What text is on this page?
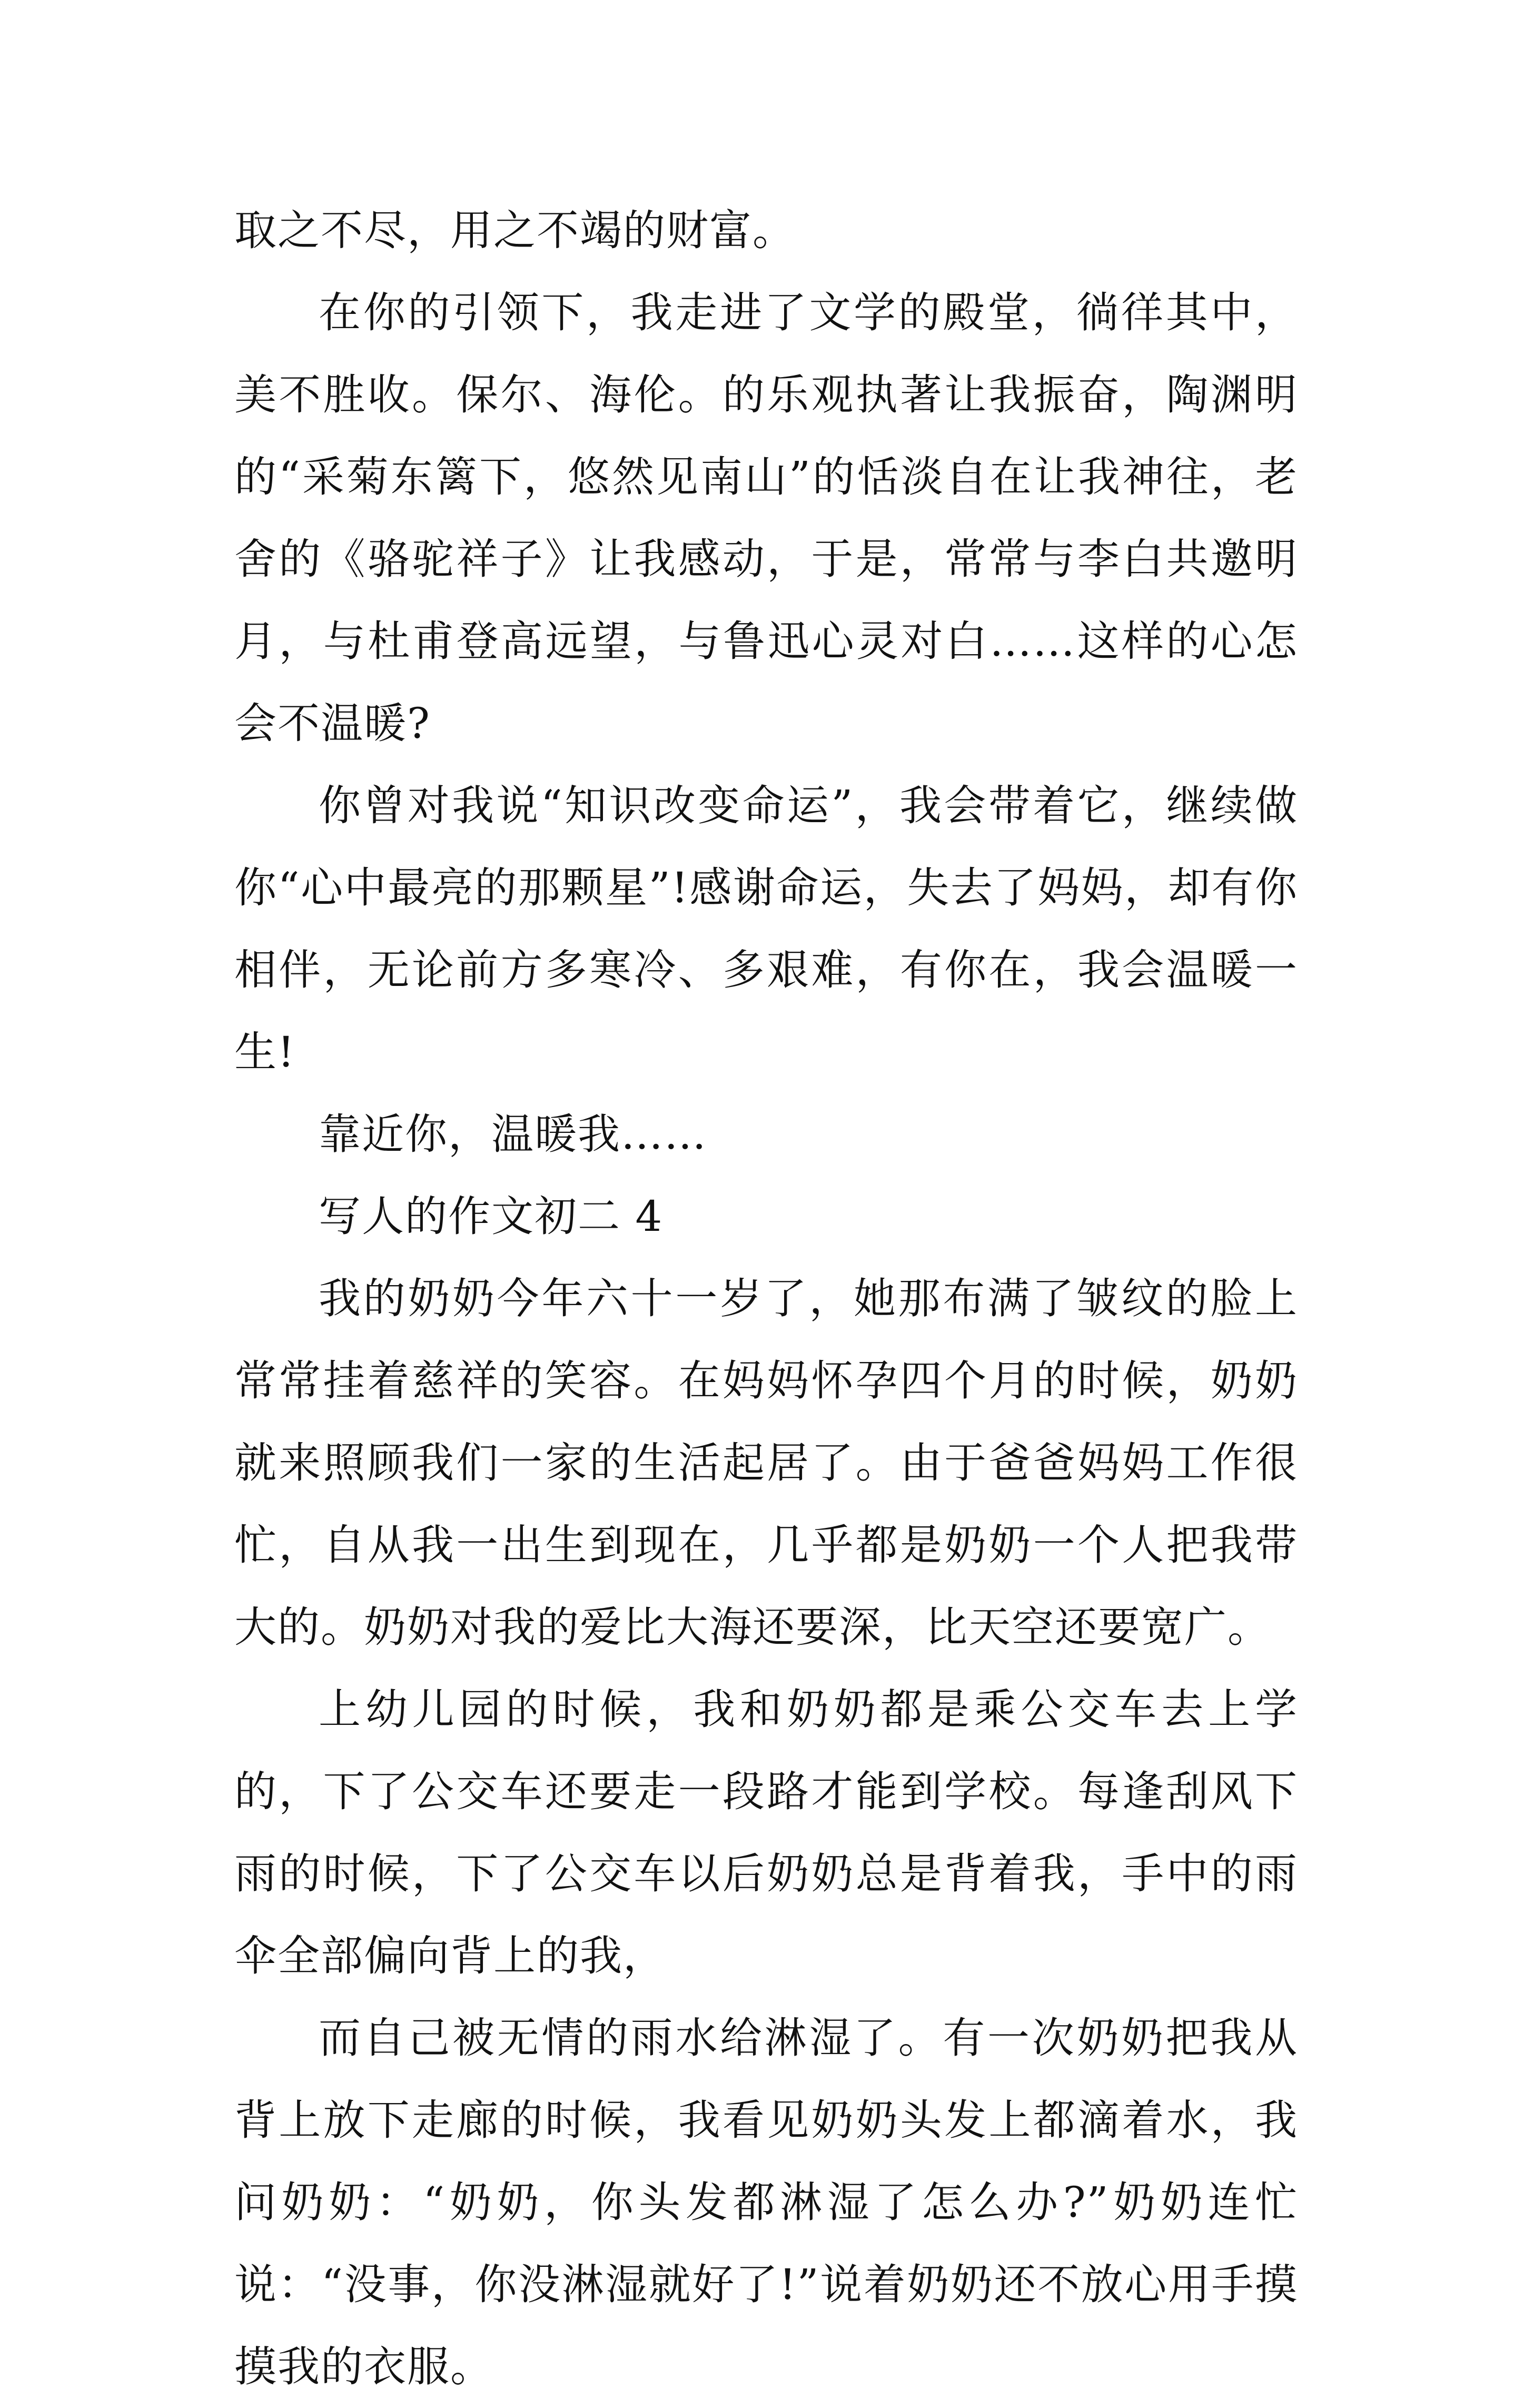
取之不尽，用之不竭的财富。

在你的引领下，我走进了文学的殿堂，徜徉其中，美不胜收。保尔、海伦。的乐观执著让我振奋，陶渊明的“采菊东篱下，悠然见南山”的恬淡自在让我神往，老舍的《骆驼祥子》让我感动，于是，常常与李白共邀明月，与杜甫登高远望，与鲁迅心灵对白……这样的心怎会不温暖?

你曾对我说“知识改变命运”，我会带着它，继续做你“心中最亮的那颗星”!感谢命运，失去了妈妈，却有你相伴，无论前方多寒冷、多艰难，有你在，我会温暖一生!

靠近你，温暖我……

写人的作文初二 4

我的奶奶今年六十一岁了，她那布满了皱纹的脸上常常挂着慈祥的笑容。在妈妈怀孕四个月的时候，奶奶就来照顾我们一家的生活起居了。由于爸爸妈妈工作很忙，自从我一出生到现在，几乎都是奶奶一个人把我带大的。奶奶对我的爱比大海还要深，比天空还要宽广。

上幼儿园的时候，我和奶奶都是乘公交车去上学的，下了公交车还要走一段路才能到学校。每逢刮风下雨的时候，下了公交车以后奶奶总是背着我，手中的雨伞全部偏向背上的我，

而自己被无情的雨水给淋湿了。有一次奶奶把我从背上放下走廊的时候，我看见奶奶头发上都滴着水，我问奶奶：“奶奶，你头发都淋湿了怎么办?”奶奶连忙说：“没事，你没淋湿就好了!”说着奶奶还不放心用手摸摸我的衣服。
